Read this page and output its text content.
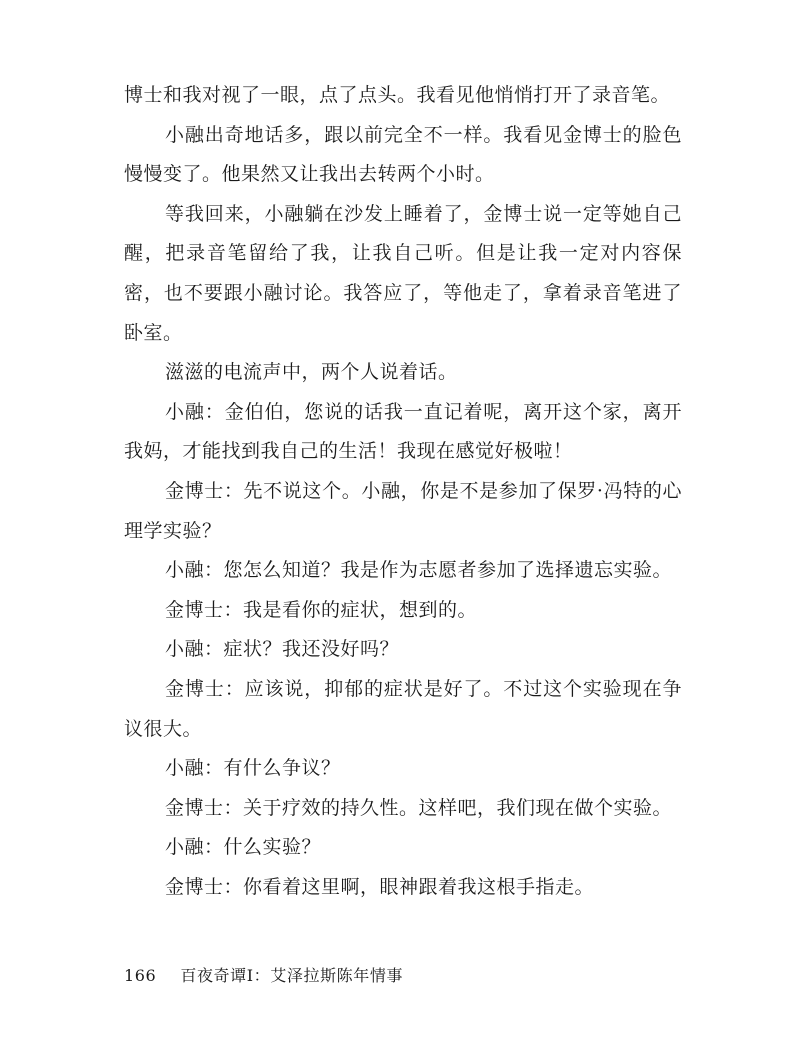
博士和我对视了一眼，点了点头。我看见他悄悄打开了录音笔。

小融出奇地话多，跟以前完全不一样。我看见金博士的脸色慢慢变了。他果然又让我出去转两个小时。

等我回来，小融躺在沙发上睡着了，金博士说一定等她自己醒，把录音笔留给了我，让我自己听。但是让我一定对内容保密，也不要跟小融讨论。我答应了，等他走了，拿着录音笔进了卧室。

滋滋的电流声中，两个人说着话。

小融：金伯伯，您说的话我一直记着呢，离开这个家，离开我妈，才能找到我自己的生活！我现在感觉好极啦！

金博士：先不说这个。小融，你是不是参加了保罗·冯特的心理学实验？

小融：您怎么知道？我是作为志愿者参加了选择遗忘实验。

金博士：我是看你的症状，想到的。

小融：症状？我还没好吗？

金博士：应该说，抑郁的症状是好了。不过这个实验现在争议很大。

小融：有什么争议？

金博士：关于疗效的持久性。这样吧，我们现在做个实验。

小融：什么实验？

金博士：你看着这里啊，眼神跟着我这根手指走。

166 百夜奇谭Ⅰ：艾泽拉斯陈年情事
